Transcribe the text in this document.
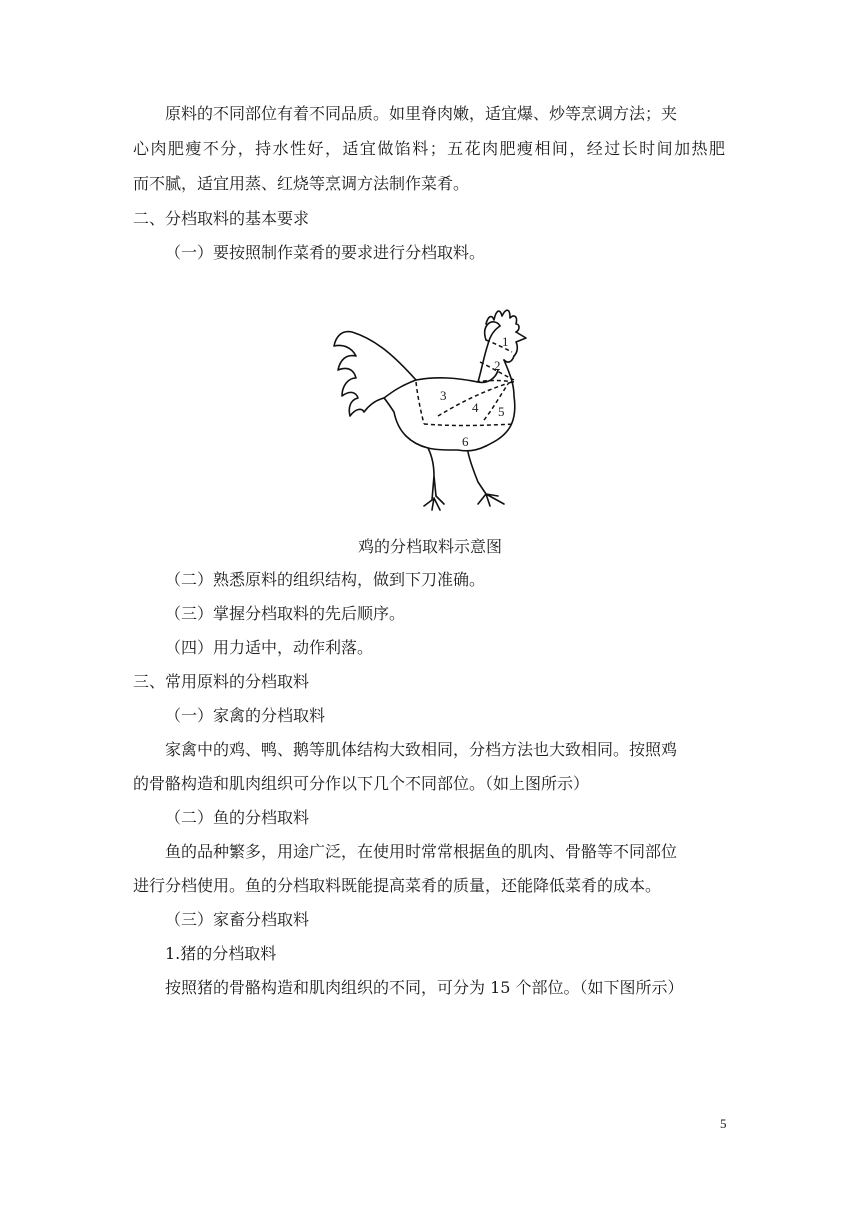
原料的不同部位有着不同品质。如里脊肉嫩，适宜爆、炒等烹调方法；夹
心肉肥瘦不分，持水性好，适宜做馅料；五花肉肥瘦相间，经过长时间加热肥
而不腻，适宜用蒸、红烧等烹调方法制作菜肴。
二、分档取料的基本要求
（一）要按照制作菜肴的要求进行分档取料。
1
2
3
4 5
6
鸡的分档取料示意图
（二）熟悉原料的组织结构，做到下刀准确。
（三）掌握分档取料的先后顺序。
（四）用力适中，动作利落。
三、常用原料的分档取料
（一）家禽的分档取料
家禽中的鸡、鸭、鹅等肌体结构大致相同，分档方法也大致相同。按照鸡
的骨骼构造和肌肉组织可分作以下几个不同部位。（如上图所示）
（二）鱼的分档取料
鱼的品种繁多，用途广泛，在使用时常常根据鱼的肌肉、骨骼等不同部位
进行分档使用。鱼的分档取料既能提高菜肴的质量，还能降低菜肴的成本。
（三）家畜分档取料
1.猪的分档取料
按照猪的骨骼构造和肌肉组织的不同，可分为 15 个部位。（如下图所示）
5
